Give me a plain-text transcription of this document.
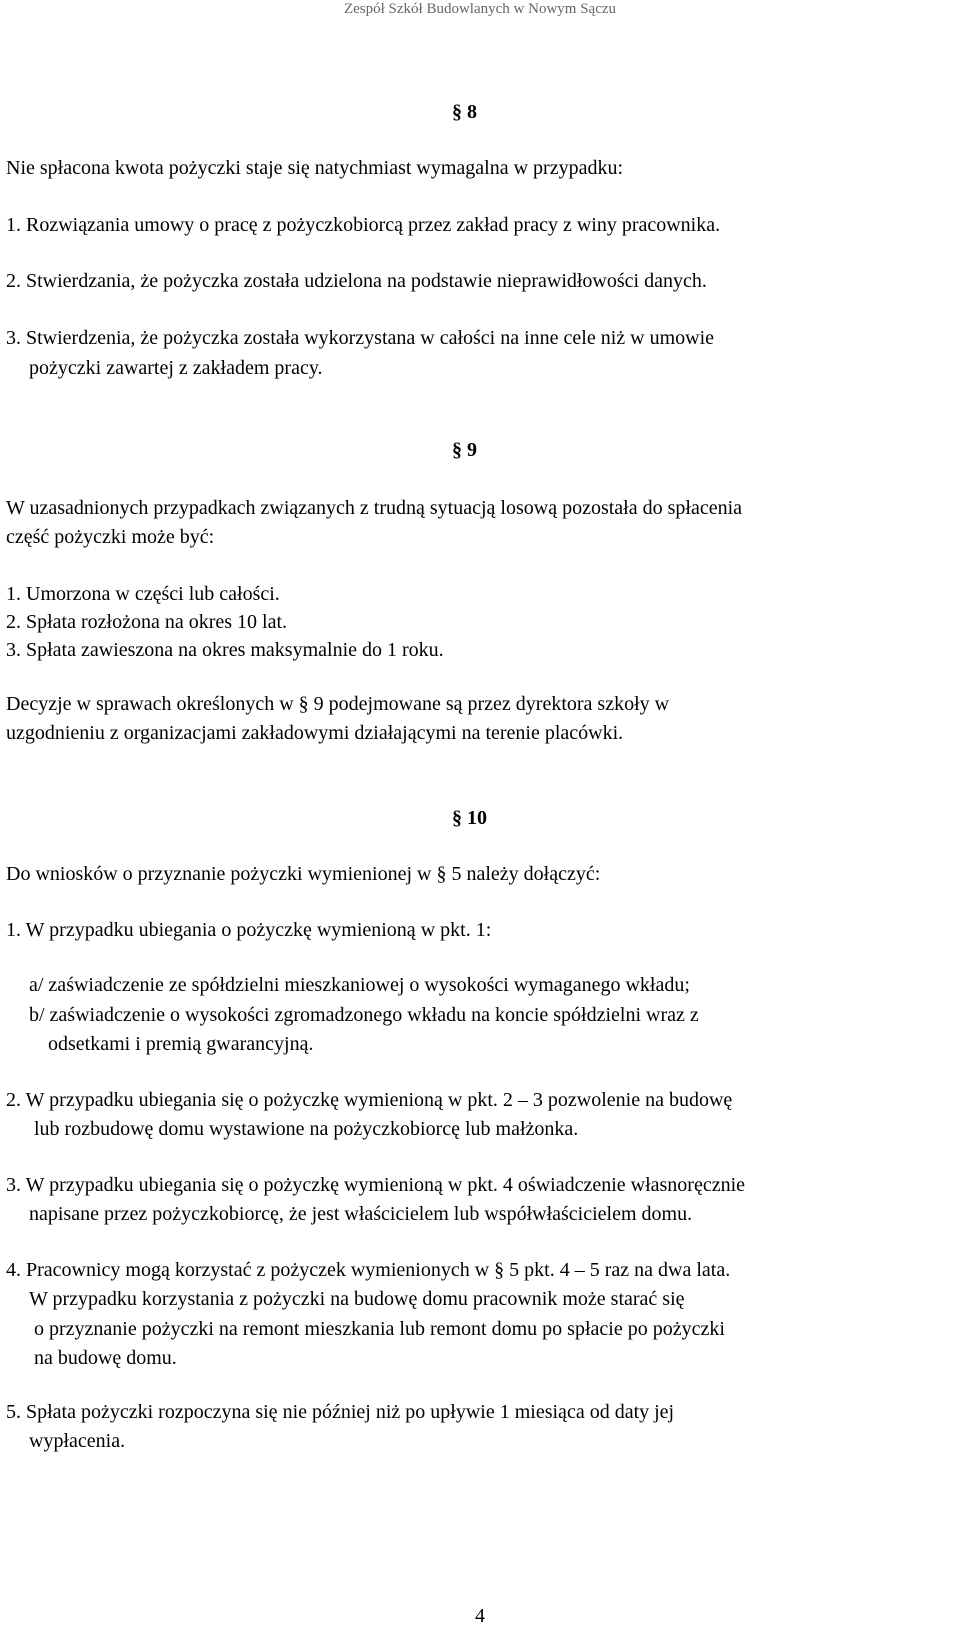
Zespół Szkół Budowlanych w Nowym Sączu
§ 8
Nie spłacona kwota pożyczki staje się natychmiast wymagalna w przypadku:
1. Rozwiązania umowy o pracę z pożyczkobiorcą przez zakład pracy z winy pracownika.
2. Stwierdzania, że pożyczka została udzielona na podstawie nieprawidłowości danych.
3. Stwierdzenia, że pożyczka została wykorzystana w całości na inne cele niż w umowie
pożyczki zawartej z zakładem pracy.
§ 9
W uzasadnionych przypadkach związanych z trudną sytuacją losową pozostała do spłacenia
część pożyczki może być:
1. Umorzona w części lub całości.
2. Spłata rozłożona na okres 10 lat.
3. Spłata zawieszona na okres maksymalnie do 1 roku.
Decyzje w sprawach określonych w § 9 podejmowane są przez dyrektora szkoły w
uzgodnieniu z organizacjami zakładowymi działającymi na terenie placówki.
§ 10
Do wniosków o przyznanie pożyczki wymienionej w § 5 należy dołączyć:
1. W przypadku ubiegania o pożyczkę wymienioną w pkt. 1:
a/ zaświadczenie ze spółdzielni mieszkaniowej o wysokości wymaganego wkładu;
b/ zaświadczenie o wysokości zgromadzonego wkładu na koncie spółdzielni wraz z
odsetkami i premią gwarancyjną.
2. W przypadku ubiegania się o pożyczkę wymienioną w pkt. 2 – 3 pozwolenie na budowę
lub rozbudowę domu wystawione na pożyczkobiorcę lub małżonka.
3. W przypadku ubiegania się o pożyczkę wymienioną w pkt. 4 oświadczenie własnoręcznie
napisane przez pożyczkobiorcę, że jest właścicielem lub współwłaścicielem domu.
4. Pracownicy mogą korzystać z pożyczek wymienionych w § 5 pkt. 4 – 5 raz na dwa lata.
W przypadku korzystania z pożyczki na budowę domu pracownik może starać się
o przyznanie pożyczki na remont mieszkania lub remont domu po spłacie po pożyczki
na budowę domu.
5. Spłata pożyczki rozpoczyna się nie później niż po upływie 1 miesiąca od daty jej
wypłacenia.
4
